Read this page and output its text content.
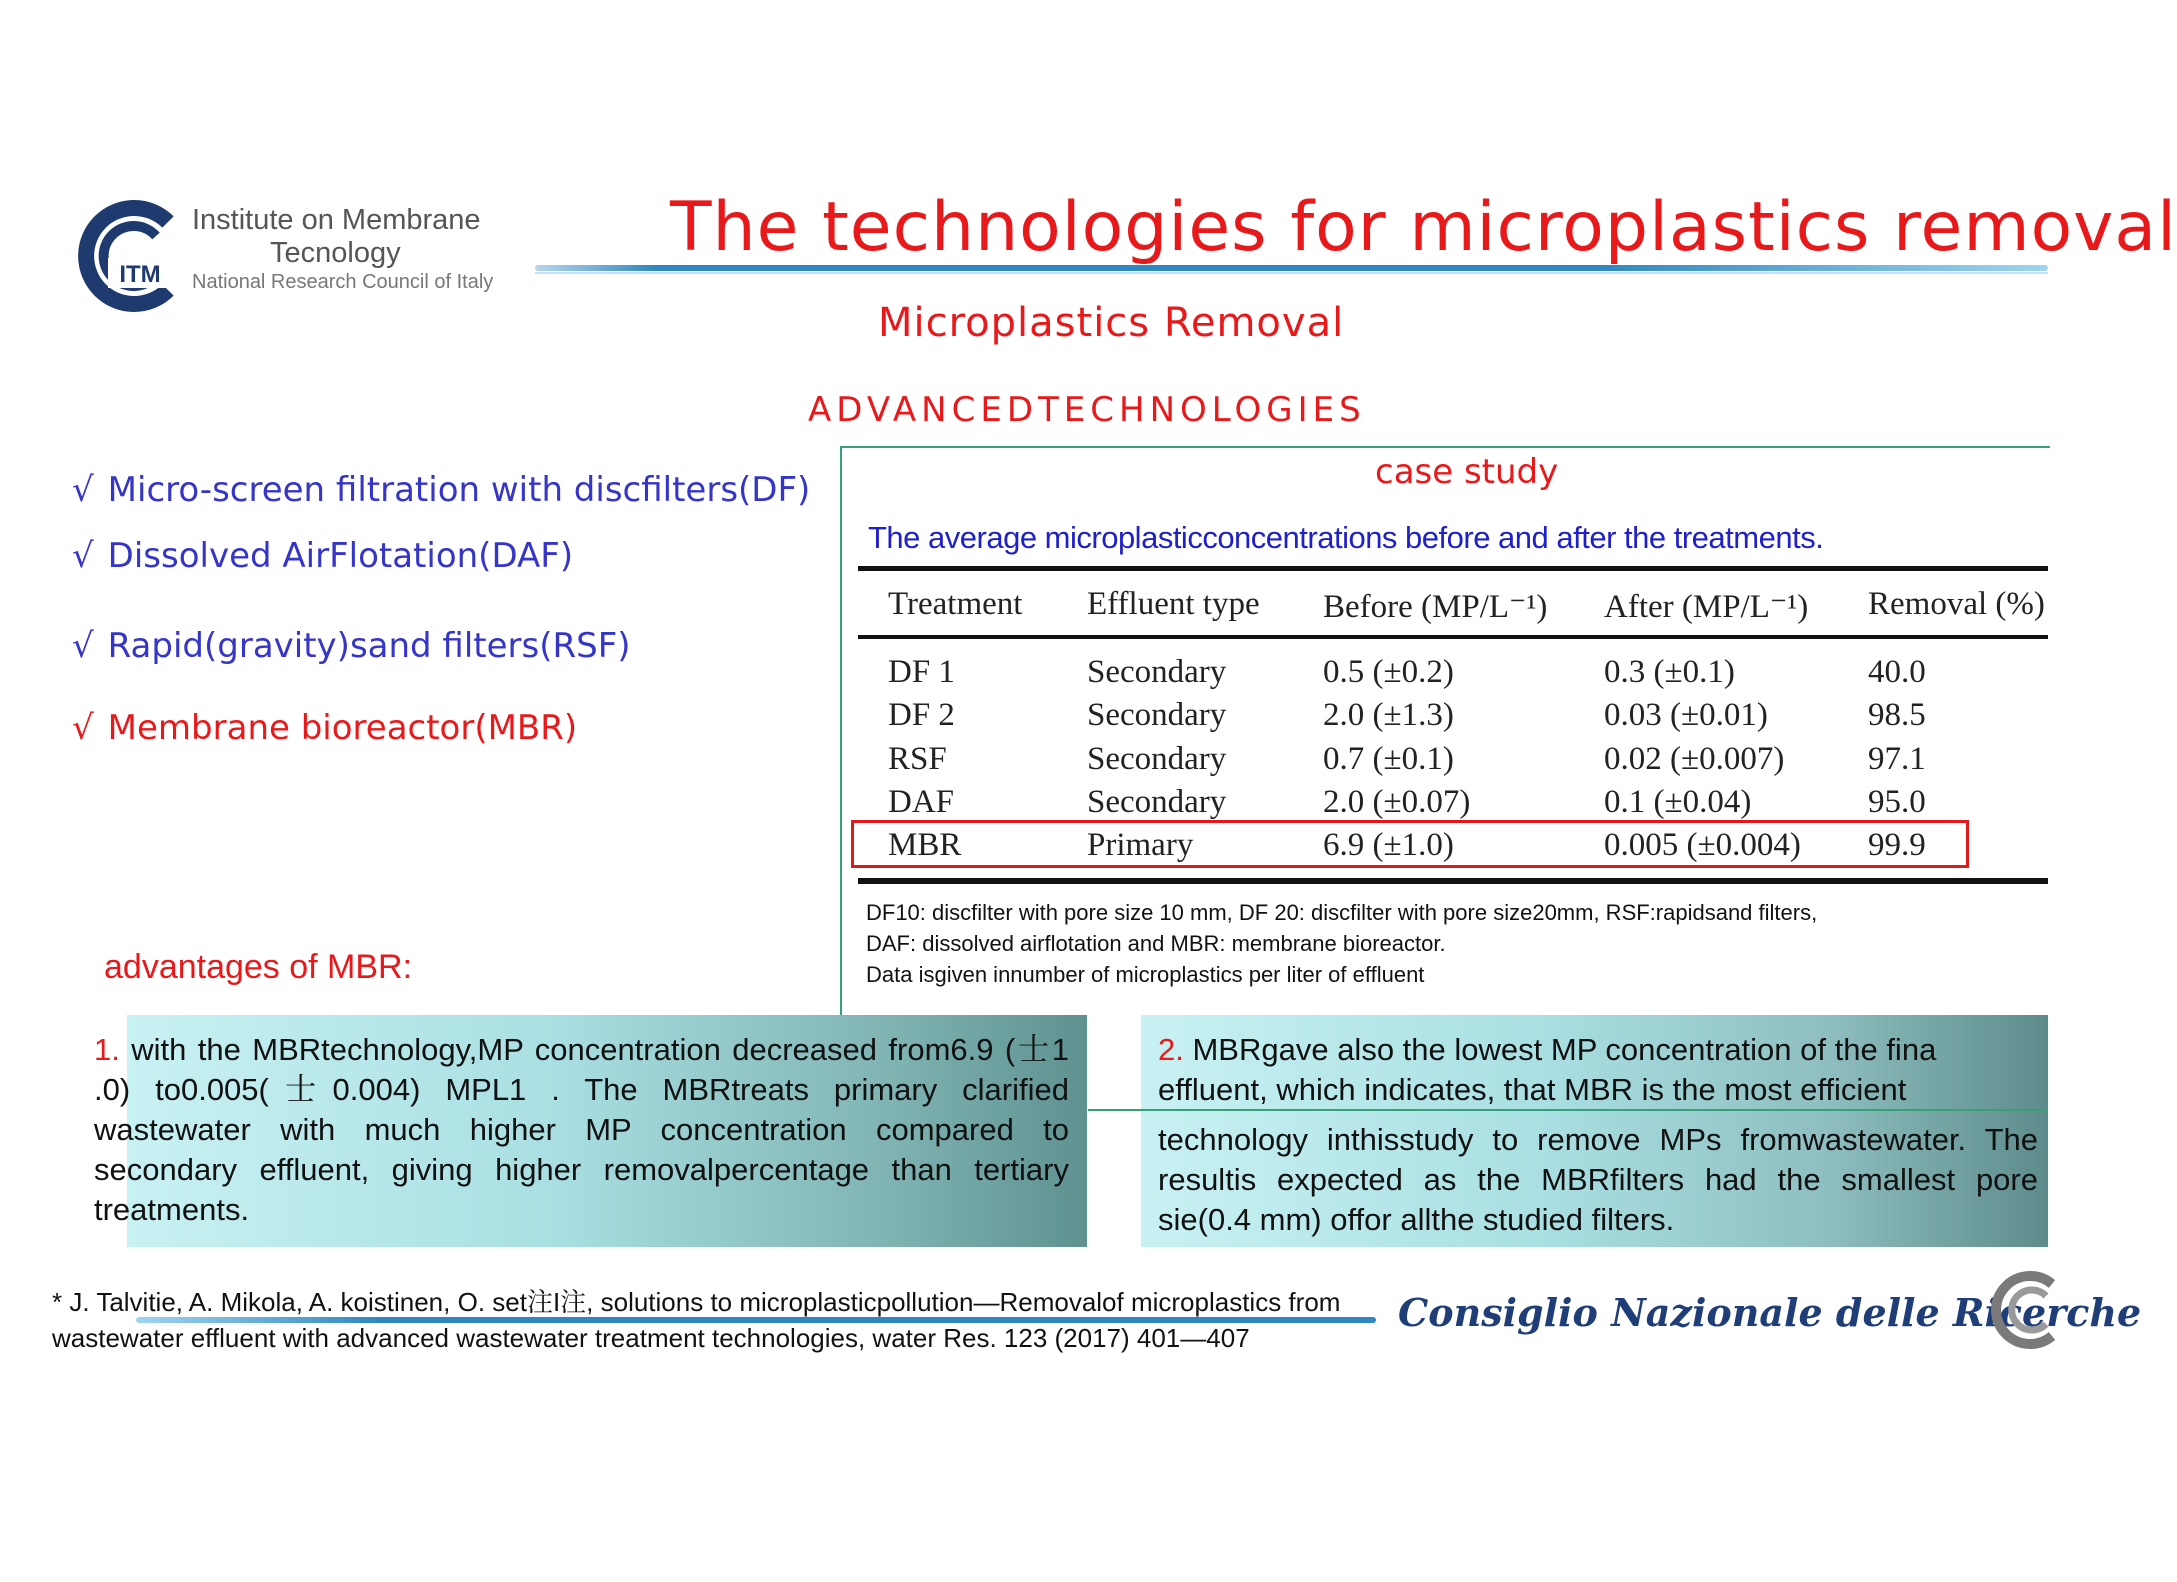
ITM
Institute on Membrane
Tecnology
National Research Council of Italy
The technologies for microplastics removal
Microplastics Removal
ADVANCEDTECHNOLOGIES
√ Micro-screen filtration with discfilters(DF)
√ Dissolved AirFlotation(DAF)
√ Rapid(gravity)sand filters(RSF)
√ Membrane bioreactor(MBR)
case study
The average microplasticconcentrations before and after the treatments.
Treatment Effluent type Before (MP/L⁻¹) After (MP/L⁻¹) Removal (%)
DF 1	Secondary	0.5 (±0.2)	0.3 (±0.1)	40.0
DF 2	Secondary	2.0 (±1.3)	0.03 (±0.01)	98.5
RSF	Secondary	0.7 (±0.1)	0.02 (±0.007)	97.1
DAF	Secondary	2.0 (±0.07)	0.1 (±0.04)	95.0
MBR	Primary	6.9 (±1.0)	0.005 (±0.004) 99.9
DF10: discfilter with pore size 10 mm, DF 20: discfilter with pore size20mm, RSF:rapidsand filters,
DAF: dissolved airflotation and MBR: membrane bioreactor.
Data isgiven innumber of microplastics per liter of effluent
advantages of MBR:
1. with the MBRtechnology,MP concentration decreased from6.9 (士1 .0) to0.005(士0.004) MPL1 . The MBRtreats primary clarified wastewater with much higher MP concentration compared to secondary effluent, giving higher removalpercentage than tertiary treatments.
2. MBRgave also the lowest MP concentration of the fina
effluent, which indicates, that MBR is the most efficient
technology inthisstudy to remove MPs fromwastewater. The resultis expected as the MBRfilters had the smallest pore sie(0.4 mm) offor allthe studied filters.
* J. Talvitie, A. Mikola, A. koistinen, O. set注I注, solutions to microplasticpollution—Removalof microplastics from
wastewater effluent with advanced wastewater treatment technologies, water Res. 123 (2017) 401—407
Consiglio Nazionale delle Ricerche
